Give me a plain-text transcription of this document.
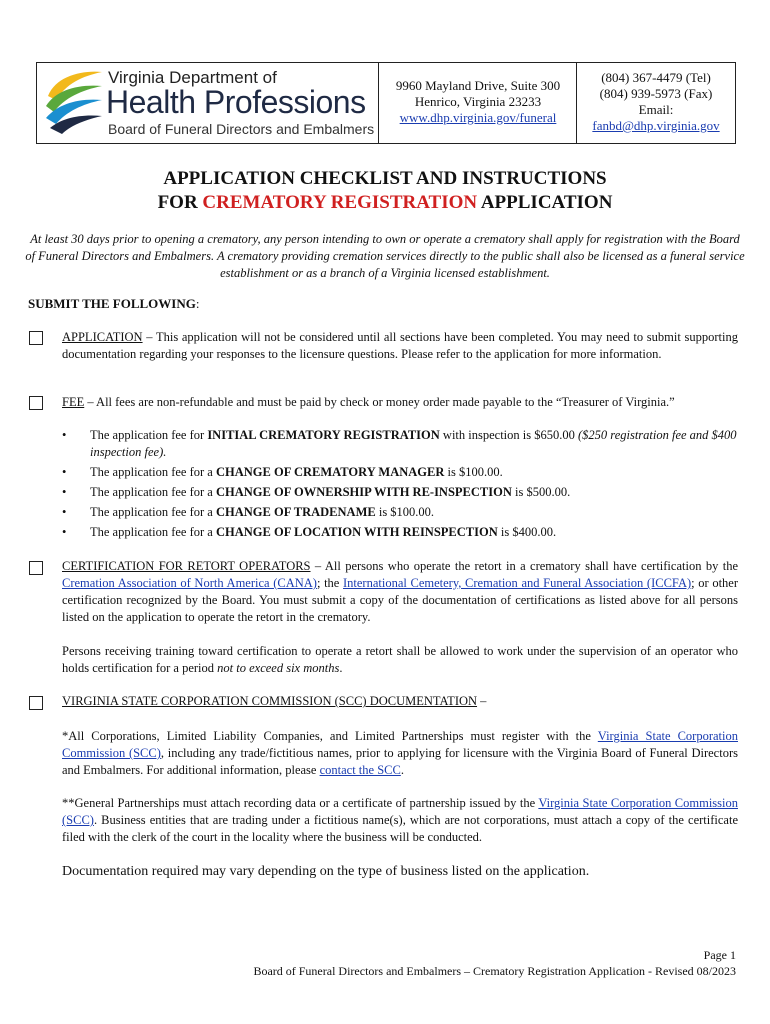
Virginia Department of
Health Professions
Board of Funeral Directors and Embalmers
9960 Mayland Drive, Suite 300
Henrico, Virginia 23233
www.dhp.virginia.gov/funeral
(804) 367-4479 (Tel)
(804) 939-5973 (Fax)
Email:
fanbd@dhp.virginia.gov
APPLICATION CHECKLIST AND INSTRUCTIONS
FOR CREMATORY REGISTRATION APPLICATION
At least 30 days prior to opening a crematory, any person intending to own or operate a crematory shall apply for registration with the Board of Funeral Directors and Embalmers. A crematory providing cremation services directly to the public shall also be licensed as a funeral service establishment or as a branch of a Virginia licensed establishment.
SUBMIT THE FOLLOWING:
APPLICATION – This application will not be considered until all sections have been completed. You may need to submit supporting documentation regarding your responses to the licensure questions. Please refer to the application for more information.
FEE – All fees are non-refundable and must be paid by check or money order made payable to the “Treasurer of Virginia.”
• The application fee for INITIAL CREMATORY REGISTRATION with inspection is $650.00 ($250 registration fee and $400 inspection fee).
• The application fee for a CHANGE OF CREMATORY MANAGER is $100.00.
• The application fee for a CHANGE OF OWNERSHIP WITH RE-INSPECTION is $500.00.
• The application fee for a CHANGE OF TRADENAME is $100.00.
• The application fee for a CHANGE OF LOCATION WITH REINSPECTION is $400.00.
CERTIFICATION FOR RETORT OPERATORS – All persons who operate the retort in a crematory shall have certification by the Cremation Association of North America (CANA); the International Cemetery, Cremation and Funeral Association (ICCFA); or other certification recognized by the Board. You must submit a copy of the documentation of certifications as listed above for all persons listed on the application to operate the retort in the crematory.
Persons receiving training toward certification to operate a retort shall be allowed to work under the supervision of an operator who holds certification for a period not to exceed six months.
VIRGINIA STATE CORPORATION COMMISSION (SCC) DOCUMENTATION –
*All Corporations, Limited Liability Companies, and Limited Partnerships must register with the Virginia State Corporation Commission (SCC), including any trade/fictitious names, prior to applying for licensure with the Virginia Board of Funeral Directors and Embalmers. For additional information, please contact the SCC.
**General Partnerships must attach recording data or a certificate of partnership issued by the Virginia State Corporation Commission (SCC). Business entities that are trading under a fictitious name(s), which are not corporations, must attach a copy of the certificate filed with the clerk of the court in the locality where the business will be conducted.
Documentation required may vary depending on the type of business listed on the application.
Page 1
Board of Funeral Directors and Embalmers – Crematory Registration Application - Revised 08/2023
